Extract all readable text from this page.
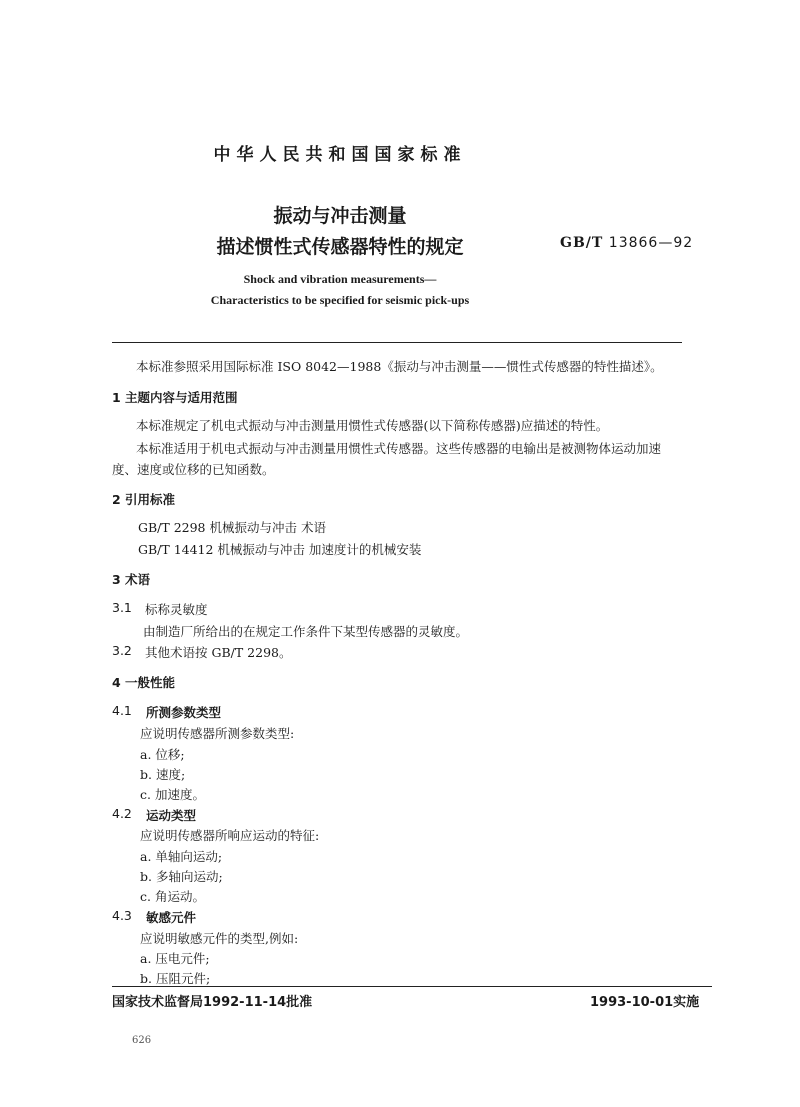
中华人民共和国国家标准
振动与冲击测量
描述惯性式传感器特性的规定	GB/T 13866—92
Shock and vibration measurements—
Characteristics to be specified for seismic pick-ups
本标准参照采用国际标准 ISO 8042—1988《振动与冲击测量——惯性式传感器的特性描述》。
1 主题内容与适用范围
本标准规定了机电式振动与冲击测量用惯性式传感器(以下简称传感器)应描述的特性。
本标准适用于机电式振动与冲击测量用惯性式传感器。这些传感器的电输出是被测物体运动加速
度、速度或位移的已知函数。
2 引用标准
GB/T 2298 机械振动与冲击 术语
GB/T 14412 机械振动与冲击 加速度计的机械安装
3 术语
3.1 标称灵敏度
由制造厂所给出的在规定工作条件下某型传感器的灵敏度。
3.2 其他术语按 GB/T 2298。
4 一般性能
4.1 所测参数类型
应说明传感器所测参数类型:
a. 位移;
b. 速度;
c. 加速度。
4.2 运动类型
应说明传感器所响应运动的特征:
a. 单轴向运动;
b. 多轴向运动;
c. 角运动。
4.3 敏感元件
应说明敏感元件的类型,例如:
a. 压电元件;
b. 压阻元件;
国家技术监督局1992-11-14批准	1993-10-01实施
626
